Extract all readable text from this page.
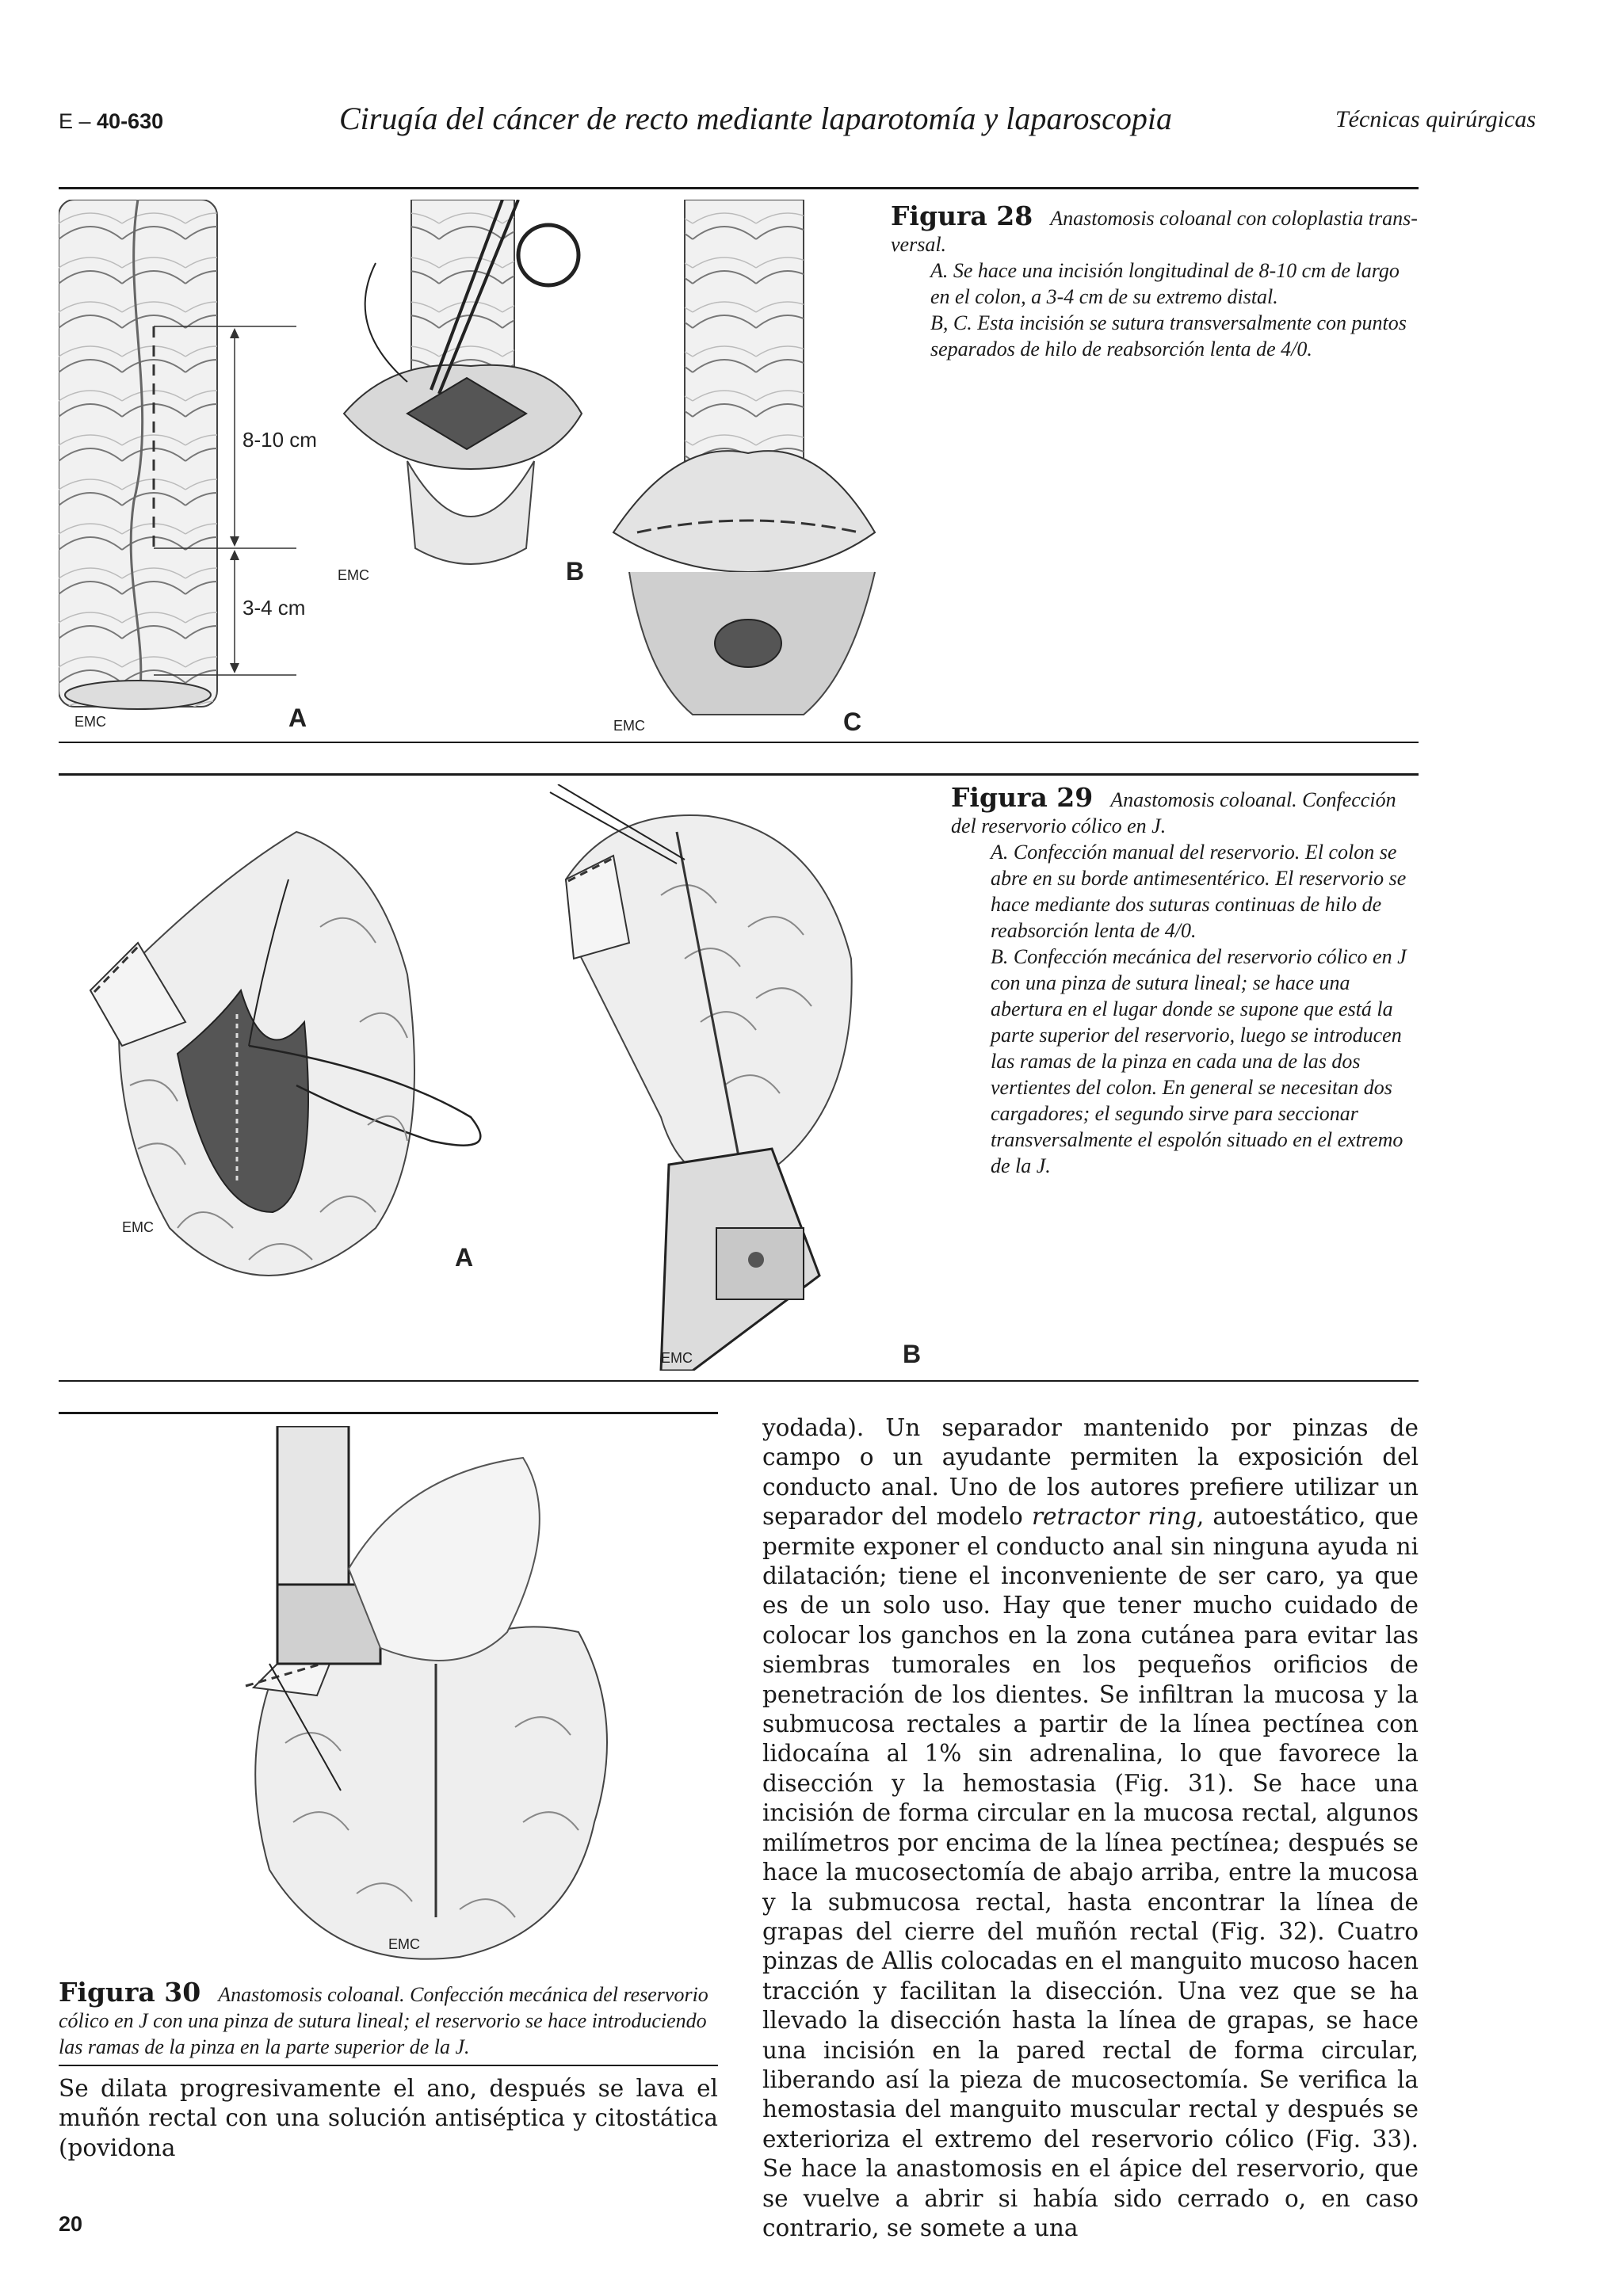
E – 40-630	Cirugía del cáncer de recto mediante laparotomía y laparoscopia	Técnicas quirúrgicas
8-10 cm
3-4 cm
EMC	A
EMC	B
EMC	C
Figura 28 Anastomosis coloanal con coloplastia trans-versal.
A. Se hace una incisión longitudinal de 8-10 cm de largo en el colon, a 3-4 cm de su extremo distal.
B, C. Esta incisión se sutura transversalmente con puntos separados de hilo de reabsorción lenta de 4/0.
EMC
A
EMC	B
Figura 29 Anastomosis coloanal. Confección del reservorio cólico en J.
A. Confección manual del reservorio. El colon se abre en su borde antimesentérico. El reservorio se hace mediante dos suturas continuas de hilo de reabsorción lenta de 4/0.
B. Confección mecánica del reservorio cólico en J con una pinza de sutura lineal; se hace una abertura en el lugar donde se supone que está la parte superior del reservorio, luego se introducen las ramas de la pinza en cada una de las dos vertientes del colon. En general se necesitan dos cargadores; el segundo sirve para seccionar transversalmente el espolón situado en el extremo de la J.
EMC
Figura 30 Anastomosis coloanal. Confección mecánica del reservorio cólico en J con una pinza de sutura lineal; el reservorio se hace introduciendo las ramas de la pinza en la parte superior de la J.
Se dilata progresivamente el ano, después se lava el muñón rectal con una solución antiséptica y citostática (povidona
yodada). Un separador mantenido por pinzas de campo o un ayudante permiten la exposición del conducto anal. Uno de los autores prefiere utilizar un separador del modelo retractor ring, autoestático, que permite exponer el conducto anal sin ninguna ayuda ni dilatación; tiene el inconveniente de ser caro, ya que es de un solo uso. Hay que tener mucho cuidado de colocar los ganchos en la zona cutánea para evitar las siembras tumorales en los pequeños orificios de penetración de los dientes. Se infiltran la mucosa y la submucosa rectales a partir de la línea pectínea con lidocaína al 1% sin adrenalina, lo que favorece la disección y la hemostasia (Fig. 31). Se hace una incisión de forma circular en la mucosa rectal, algunos milímetros por encima de la línea pectínea; después se hace la mucosectomía de abajo arriba, entre la mucosa y la submucosa rectal, hasta encontrar la línea de grapas del cierre del muñón rectal (Fig. 32). Cuatro pinzas de Allis colocadas en el manguito mucoso hacen tracción y facilitan la disección. Una vez que se ha llevado la disección hasta la línea de grapas, se hace una incisión en la pared rectal de forma circular, liberando así la pieza de mucosectomía. Se verifica la hemostasia del manguito muscular rectal y después se exterioriza el extremo del reservorio cólico (Fig. 33). Se hace la anastomosis en el ápice del reservorio, que se vuelve a abrir si había sido cerrado o, en caso contrario, se somete a una
20
